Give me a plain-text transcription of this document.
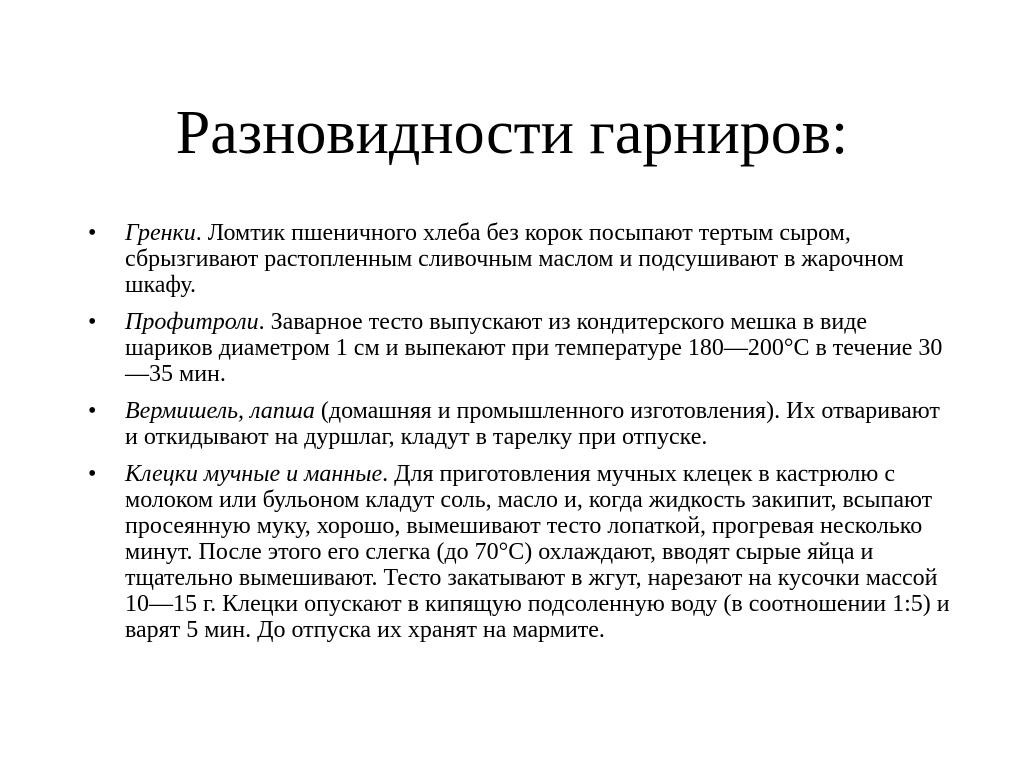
Разновидности гарниров:
• Гренки. Ломтик пшеничного хлеба без корок посыпают тертым сыром, сбрызгивают растопленным сливочным маслом и подсушивают в жарочном шкафу.
• Профитроли. Заварное тесто выпускают из кондитерского мешка в виде шариков диаметром 1 см и выпекают при температуре 180—200°С в течение 30—35 мин.
• Вермишель, лапша (домашняя и промышленного изготовления). Их отваривают и откидывают на дуршлаг, кладут в тарелку при отпуске.
• Клецки мучные и манные. Для приготовления мучных клецек в кастрюлю с молоком или бульоном кладут соль, масло и, когда жидкость закипит, всыпают просеянную муку, хорошо, вымешивают тесто лопаткой, прогревая несколько минут. После этого его слегка (до 70°С) охлаждают, вводят сырые яйца и тщательно вымешивают. Тесто закатывают в жгут, нарезают на кусочки массой 10—15 г. Клецки опускают в кипящую подсоленную воду (в соотношении 1:5) и варят 5 мин. До отпуска их хранят на мармите.
